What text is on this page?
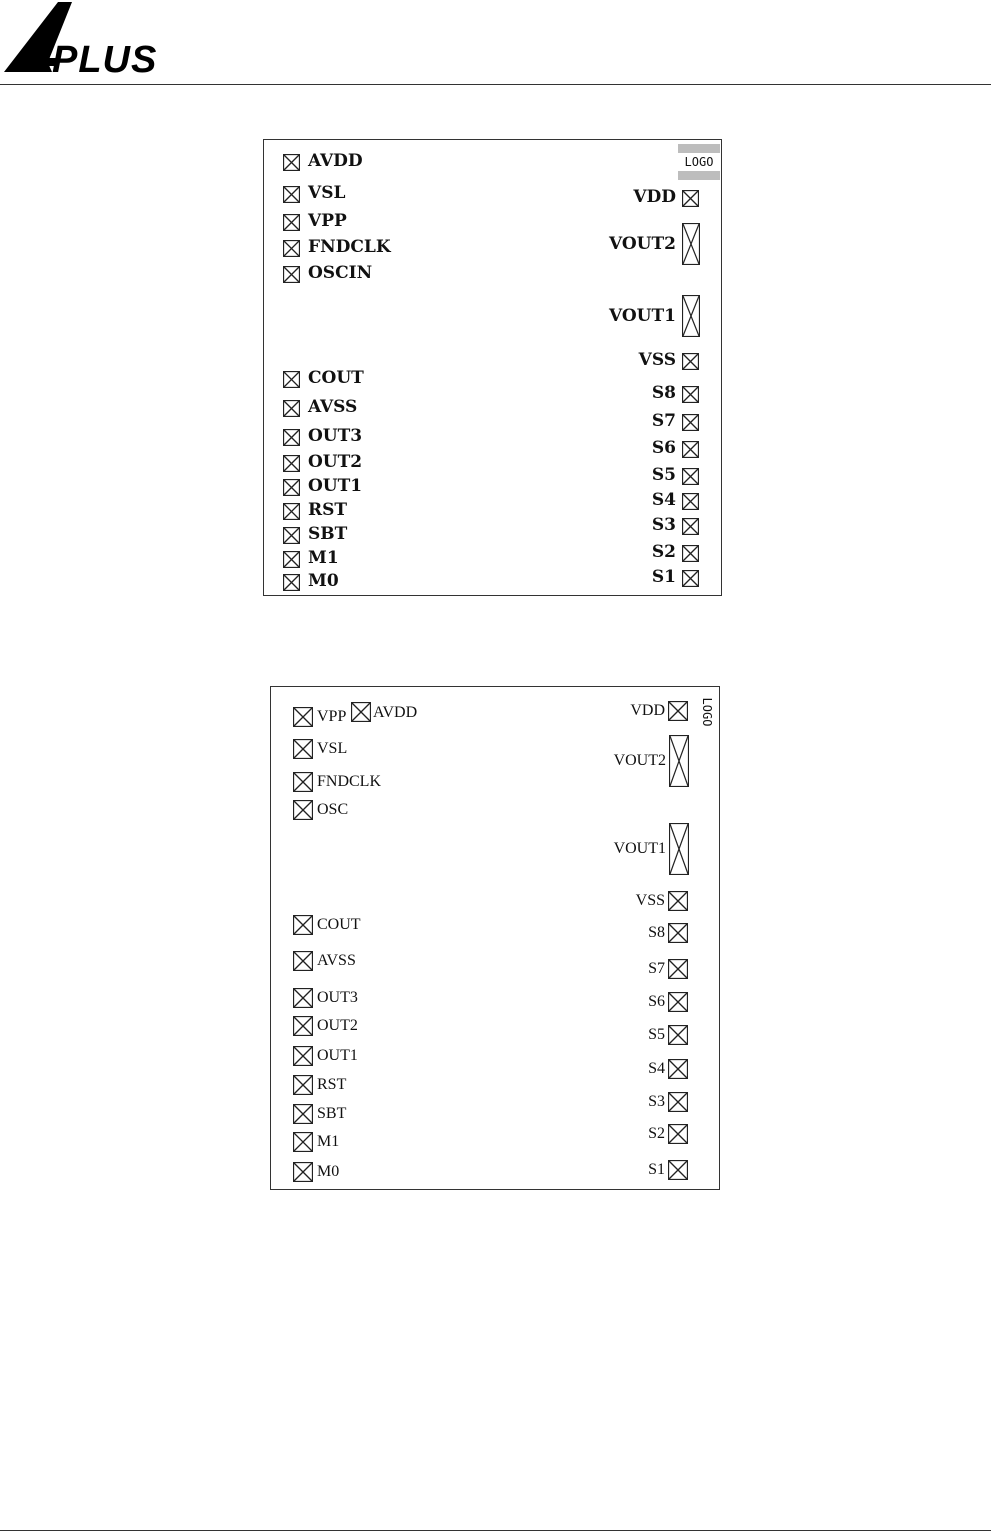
PLUS
LOGO
AVDD
VSL
VPP
FNDCLK
OSCIN
COUT
AVSS
OUT3
OUT2
OUT1
RST
SBT
M1
M0
VDD
VOUT2
VOUT1
VSS
S8
S7
S6
S5
S4
S3
S2
S1
LOGO
VPP AVDD
VSL
FNDCLK
OSC
COUT
AVSS
OUT3
OUT2
OUT1
RST
SBT
M1
M0
VDD
VOUT2
VOUT1
VSS
S8
S7
S6
S5
S4
S3
S2
S1
